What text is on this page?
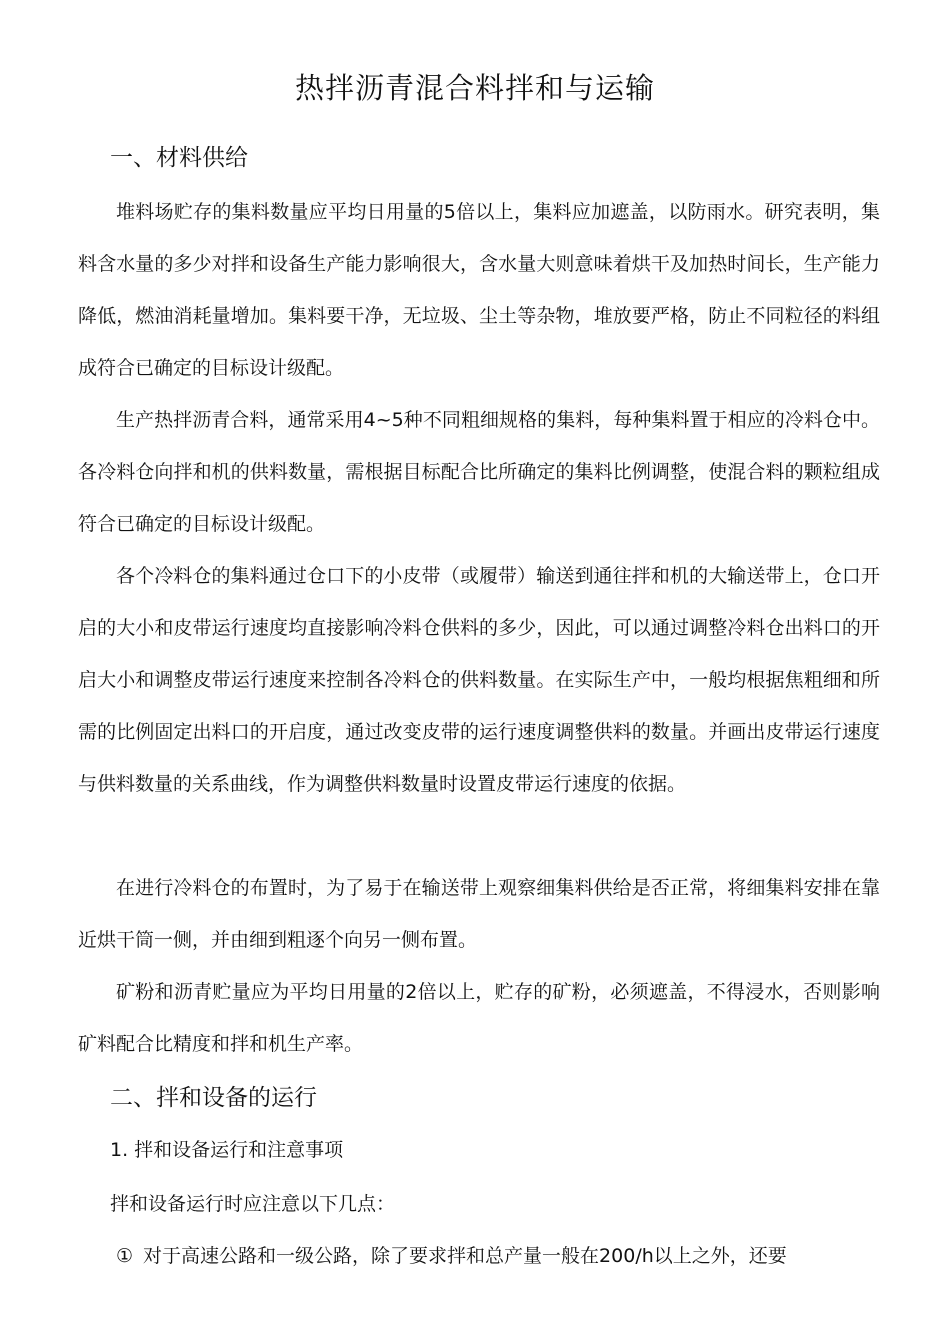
热拌沥青混合料拌和与运输
一、材料供给
堆料场贮存的集料数量应平均日用量的5倍以上，集料应加遮盖，以防雨水。研究表明，集料含水量的多少对拌和设备生产能力影响很大，含水量大则意味着烘干及加热时间长，生产能力降低，燃油消耗量增加。集料要干净，无垃圾、尘土等杂物，堆放要严格，防止不同粒径的料组成符合已确定的目标设计级配。
生产热拌沥青合料，通常采用4~5种不同粗细规格的集料，每种集料置于相应的冷料仓中。各冷料仓向拌和机的供料数量，需根据目标配合比所确定的集料比例调整，使混合料的颗粒组成符合已确定的目标设计级配。
各个冷料仓的集料通过仓口下的小皮带（或履带）输送到通往拌和机的大输送带上，仓口开启的大小和皮带运行速度均直接影响冷料仓供料的多少，因此，可以通过调整冷料仓出料口的开启大小和调整皮带运行速度来控制各冷料仓的供料数量。在实际生产中，一般均根据焦粗细和所需的比例固定出料口的开启度，通过改变皮带的运行速度调整供料的数量。并画出皮带运行速度与供料数量的关系曲线，作为调整供料数量时设置皮带运行速度的依据。
在进行冷料仓的布置时，为了易于在输送带上观察细集料供给是否正常，将细集料安排在靠近烘干筒一侧，并由细到粗逐个向另一侧布置。
矿粉和沥青贮量应为平均日用量的2倍以上，贮存的矿粉，必须遮盖，不得浸水，否则影响矿料配合比精度和拌和机生产率。
二、拌和设备的运行
1. 拌和设备运行和注意事项
拌和设备运行时应注意以下几点：
① 对于高速公路和一级公路，除了要求拌和总产量一般在200/h以上之外，还要
